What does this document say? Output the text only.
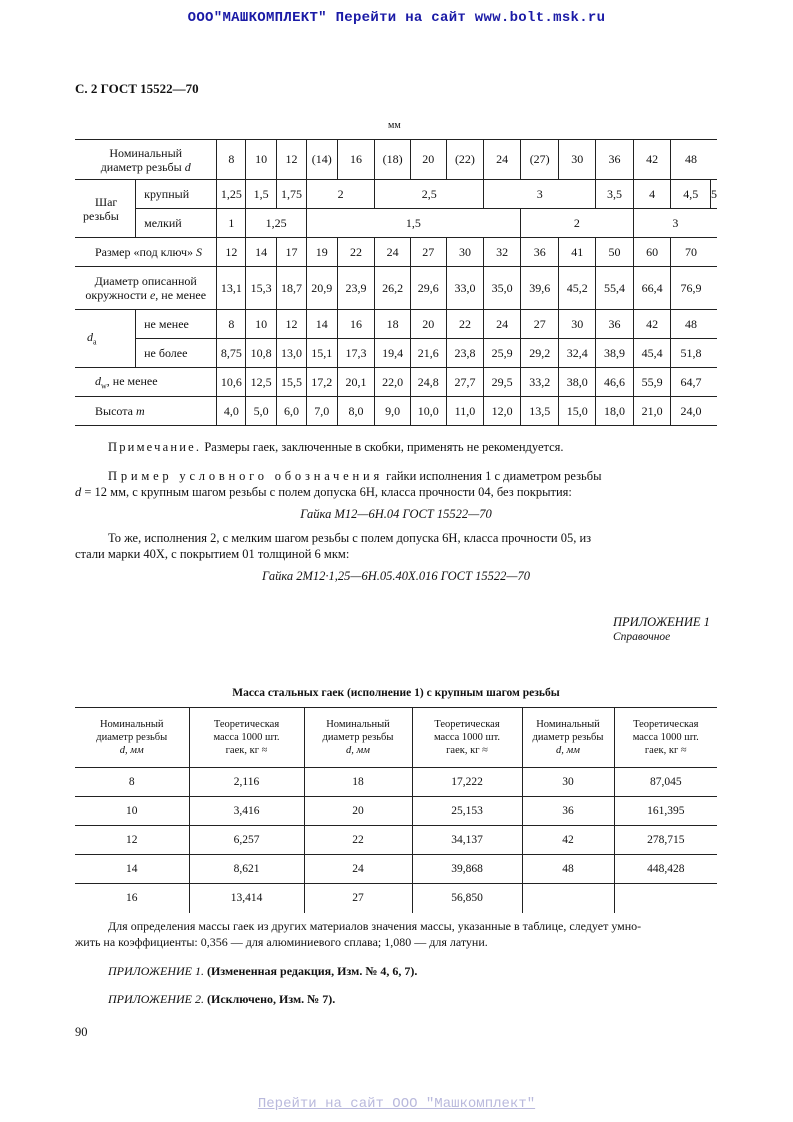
ООО"МАШКОМПЛЕКТ" Перейти на сайт www.bolt.msk.ru
С. 2 ГОСТ 15522—70
мм
Номинальный
диаметр резьбы d		8	10	12	(14)	16	(18)	20	(22)	24	(27)	30	36	42	48	
Шаг
резьбы	крупный	1,25	1,5	1,75	2		2,5			3			3,5	4	4,5	5
	мелкий	1	1,25		1,5						2			3		
Размер «под ключ» S		12	14	17	19	22	24	27	30	32	36	41	50	60	70	
Диаметр описанной
окружности e, не менее		13,1	15,3	18,7	20,9	23,9	26,2	29,6	33,0	35,0	39,6	45,2	55,4	66,4	76,9	
$d_a$	не менее	8	10	12	14	16	18	20	22	24	27	30	36	42	48	
	не более	8,75	10,8	13,0	15,1	17,3	19,4	21,6	23,8	25,9	29,2	32,4	38,9	45,4	51,8	
$d_w$, не менее		10,6	12,5	15,5	17,2	20,1	22,0	24,8	27,7	29,5	33,2	38,0	46,6	55,9	64,7	
Высота m		4,0	5,0	6,0	7,0	8,0	9,0	10,0	11,0	12,0	13,5	15,0	18,0	21,0	24,0	
Примечание. Размеры гаек, заключенные в скобки, применять не рекомендуется.
Пример условного обозначения гайки исполнения 1 с диаметром резьбы
d = 12 мм, с крупным шагом резьбы с полем допуска 6Н, класса прочности 04, без покрытия:
Гайка М12—6Н.04 ГОСТ 15522—70
То же, исполнения 2, с мелким шагом резьбы с полем допуска 6Н, класса прочности 05, из
стали марки 40Х, с покрытием 01 толщиной 6 мкм:
Гайка 2М12·1,25—6Н.05.40Х.016 ГОСТ 15522—70
ПРИЛОЖЕНИЕ 1
Справочное
Масса стальных гаек (исполнение 1) с крупным шагом резьбы
Номинальный
диаметр резьбы
d, мм	Теоретическая
масса 1000 шт.
гаек, кг ≈	Номинальный
диаметр резьбы
d, мм	Теоретическая
масса 1000 шт.
гаек, кг ≈	Номинальный
диаметр резьбы
d, мм	Теоретическая
масса 1000 шт.
гаек, кг ≈
8	2,116	18	17,222	30	87,045
10	3,416	20	25,153	36	161,395
12	6,257	22	34,137	42	278,715
14	8,621	24	39,868	48	448,428
16	13,414	27	56,850		
Для определения массы гаек из других материалов значения массы, указанные в таблице, следует умно-
жить на коэффициенты: 0,356 — для алюминиевого сплава; 1,080 — для латуни.
ПРИЛОЖЕНИЕ 1. (Измененная редакция, Изм. № 4, 6, 7).
ПРИЛОЖЕНИЕ 2. (Исключено, Изм. № 7).
90
Перейти на сайт ООО "Машкомплект"
